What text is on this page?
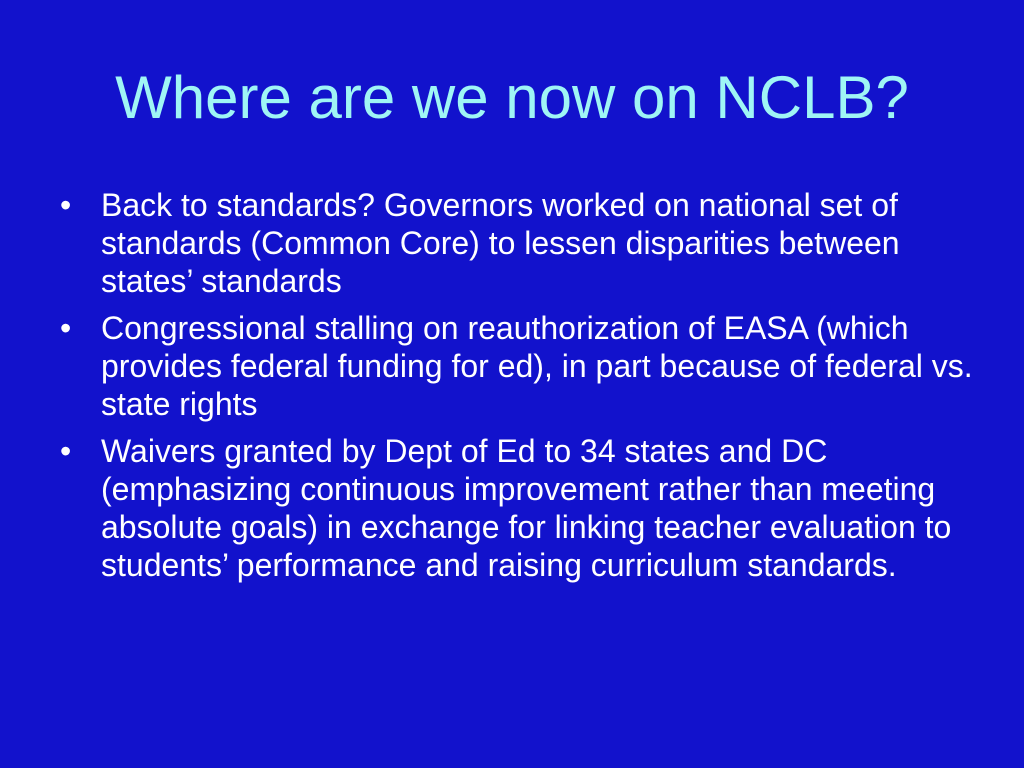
Where are we now on NCLB?
• Back to standards? Governors worked on national set of standards (Common Core) to lessen disparities between states’ standards
• Congressional stalling on reauthorization of EASA (which provides federal funding for ed), in part because of federal vs. state rights
• Waivers granted by Dept of Ed to 34 states and DC (emphasizing continuous improvement rather than meeting absolute goals) in exchange for linking teacher evaluation to students’ performance and raising curriculum standards.
